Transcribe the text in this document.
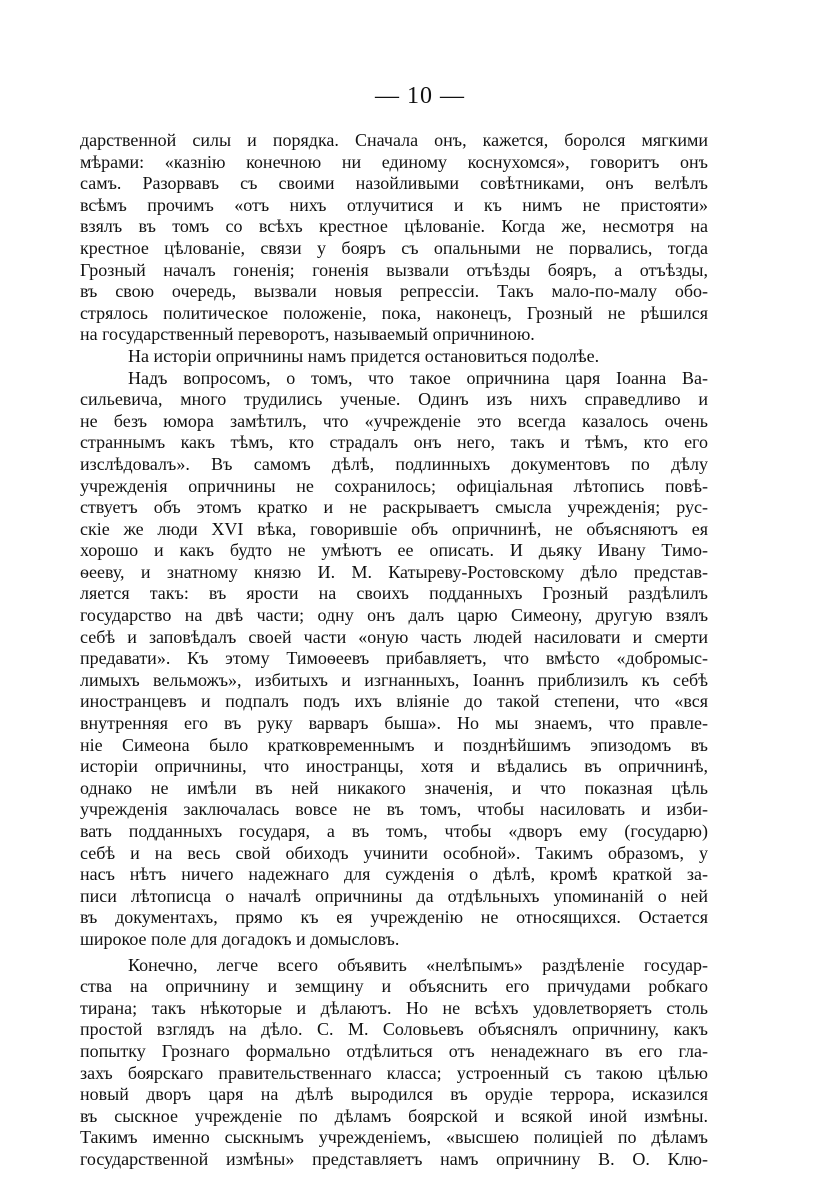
— 10 —
дарственной силы и порядка. Сначала онъ, кажется, боролся мягкими
мѣрами: «казнію конечною ни единому коснухомся», говоритъ онъ
самъ. Разорвавъ съ своими назойливыми совѣтниками, онъ велѣлъ
всѣмъ прочимъ «отъ нихъ отлучитися и къ нимъ не пристояти»
взялъ въ томъ со всѣхъ крестное цѣлованіе. Когда же, несмотря на
крестное цѣлованіе, связи у бояръ съ опальными не порвались, тогда
Грозный началъ гоненія; гоненія вызвали отъѣзды бояръ, а отъѣзды,
въ свою очередь, вызвали новыя репрессіи. Такъ мало-по-малу обо-
стрялось политическое положеніе, пока, наконецъ, Грозный не рѣшился
на государственный переворотъ, называемый опричниною.
На исторіи опричнины намъ придется остановиться подолѣе.
Надъ вопросомъ, о томъ, что такое опричнина царя Іоанна Ва-
сильевича, много трудились ученые. Одинъ изъ нихъ справедливо и
не безъ юмора замѣтилъ, что «учрежденіе это всегда казалось очень
страннымъ какъ тѣмъ, кто страдалъ онъ него, такъ и тѣмъ, кто его
изслѣдовалъ». Въ самомъ дѣлѣ, подлинныхъ документовъ по дѣлу
учрежденія опричнины не сохранилось; офиціальная лѣтопись повѣ-
ствуетъ объ этомъ кратко и не раскрываетъ смысла учрежденія; рус-
скіе же люди XVI вѣка, говорившіе объ опричнинѣ, не объясняютъ ея
хорошо и какъ будто не умѣютъ ее описать. И дьяку Ивану Тимо-
ѳееву, и знатному князю И. М. Катыреву-Ростовскому дѣло представ-
ляется такъ: въ ярости на своихъ подданныхъ Грозный раздѣлилъ
государство на двѣ части; одну онъ далъ царю Симеону, другую взялъ
себѣ и заповѣдалъ своей части «оную часть людей насиловати и смерти
предавати». Къ этому Тимоѳеевъ прибавляетъ, что вмѣсто «добромыс-
лимыхъ вельможъ», избитыхъ и изгнанныхъ, Іоаннъ приблизилъ къ себѣ
иностранцевъ и подпалъ подъ ихъ вліяніе до такой степени, что «вся
внутренняя его въ руку варваръ быша». Но мы знаемъ, что правле-
ніе Симеона было кратковременнымъ и позднѣйшимъ эпизодомъ въ
исторіи опричнины, что иностранцы, хотя и вѣдались въ опричнинѣ,
однако не имѣли въ ней никакого значенія, и что показная цѣль
учрежденія заключалась вовсе не въ томъ, чтобы насиловать и изби-
вать подданныхъ государя, а въ томъ, чтобы «дворъ ему (государю)
себѣ и на весь свой обиходъ учинити особной». Такимъ образомъ, у
насъ нѣтъ ничего надежнаго для сужденія о дѣлѣ, кромѣ краткой за-
писи лѣтописца о началѣ опричнины да отдѣльныхъ упоминаній о ней
въ документахъ, прямо къ ея учрежденію не относящихся. Остается
широкое поле для догадокъ и домысловъ.
Конечно, легче всего объявить «нелѣпымъ» раздѣленіе государ-
ства на опричнину и земщину и объяснить его причудами робкаго
тирана; такъ нѣкоторые и дѣлаютъ. Но не всѣхъ удовлетворяетъ столь
простой взглядъ на дѣло. С. М. Соловьевъ объяснялъ опричнину, какъ
попытку Грознаго формально отдѣлиться отъ ненадежнаго въ его гла-
захъ боярскаго правительственнаго класса; устроенный съ такою цѣлью
новый дворъ царя на дѣлѣ выродился въ орудіе террора, исказился
въ сыскное учрежденіе по дѣламъ боярской и всякой иной измѣны.
Такимъ именно сыскнымъ учрежденіемъ, «высшею полиціей по дѣламъ
государственной измѣны» представляетъ намъ опричнину В. О. Клю-
